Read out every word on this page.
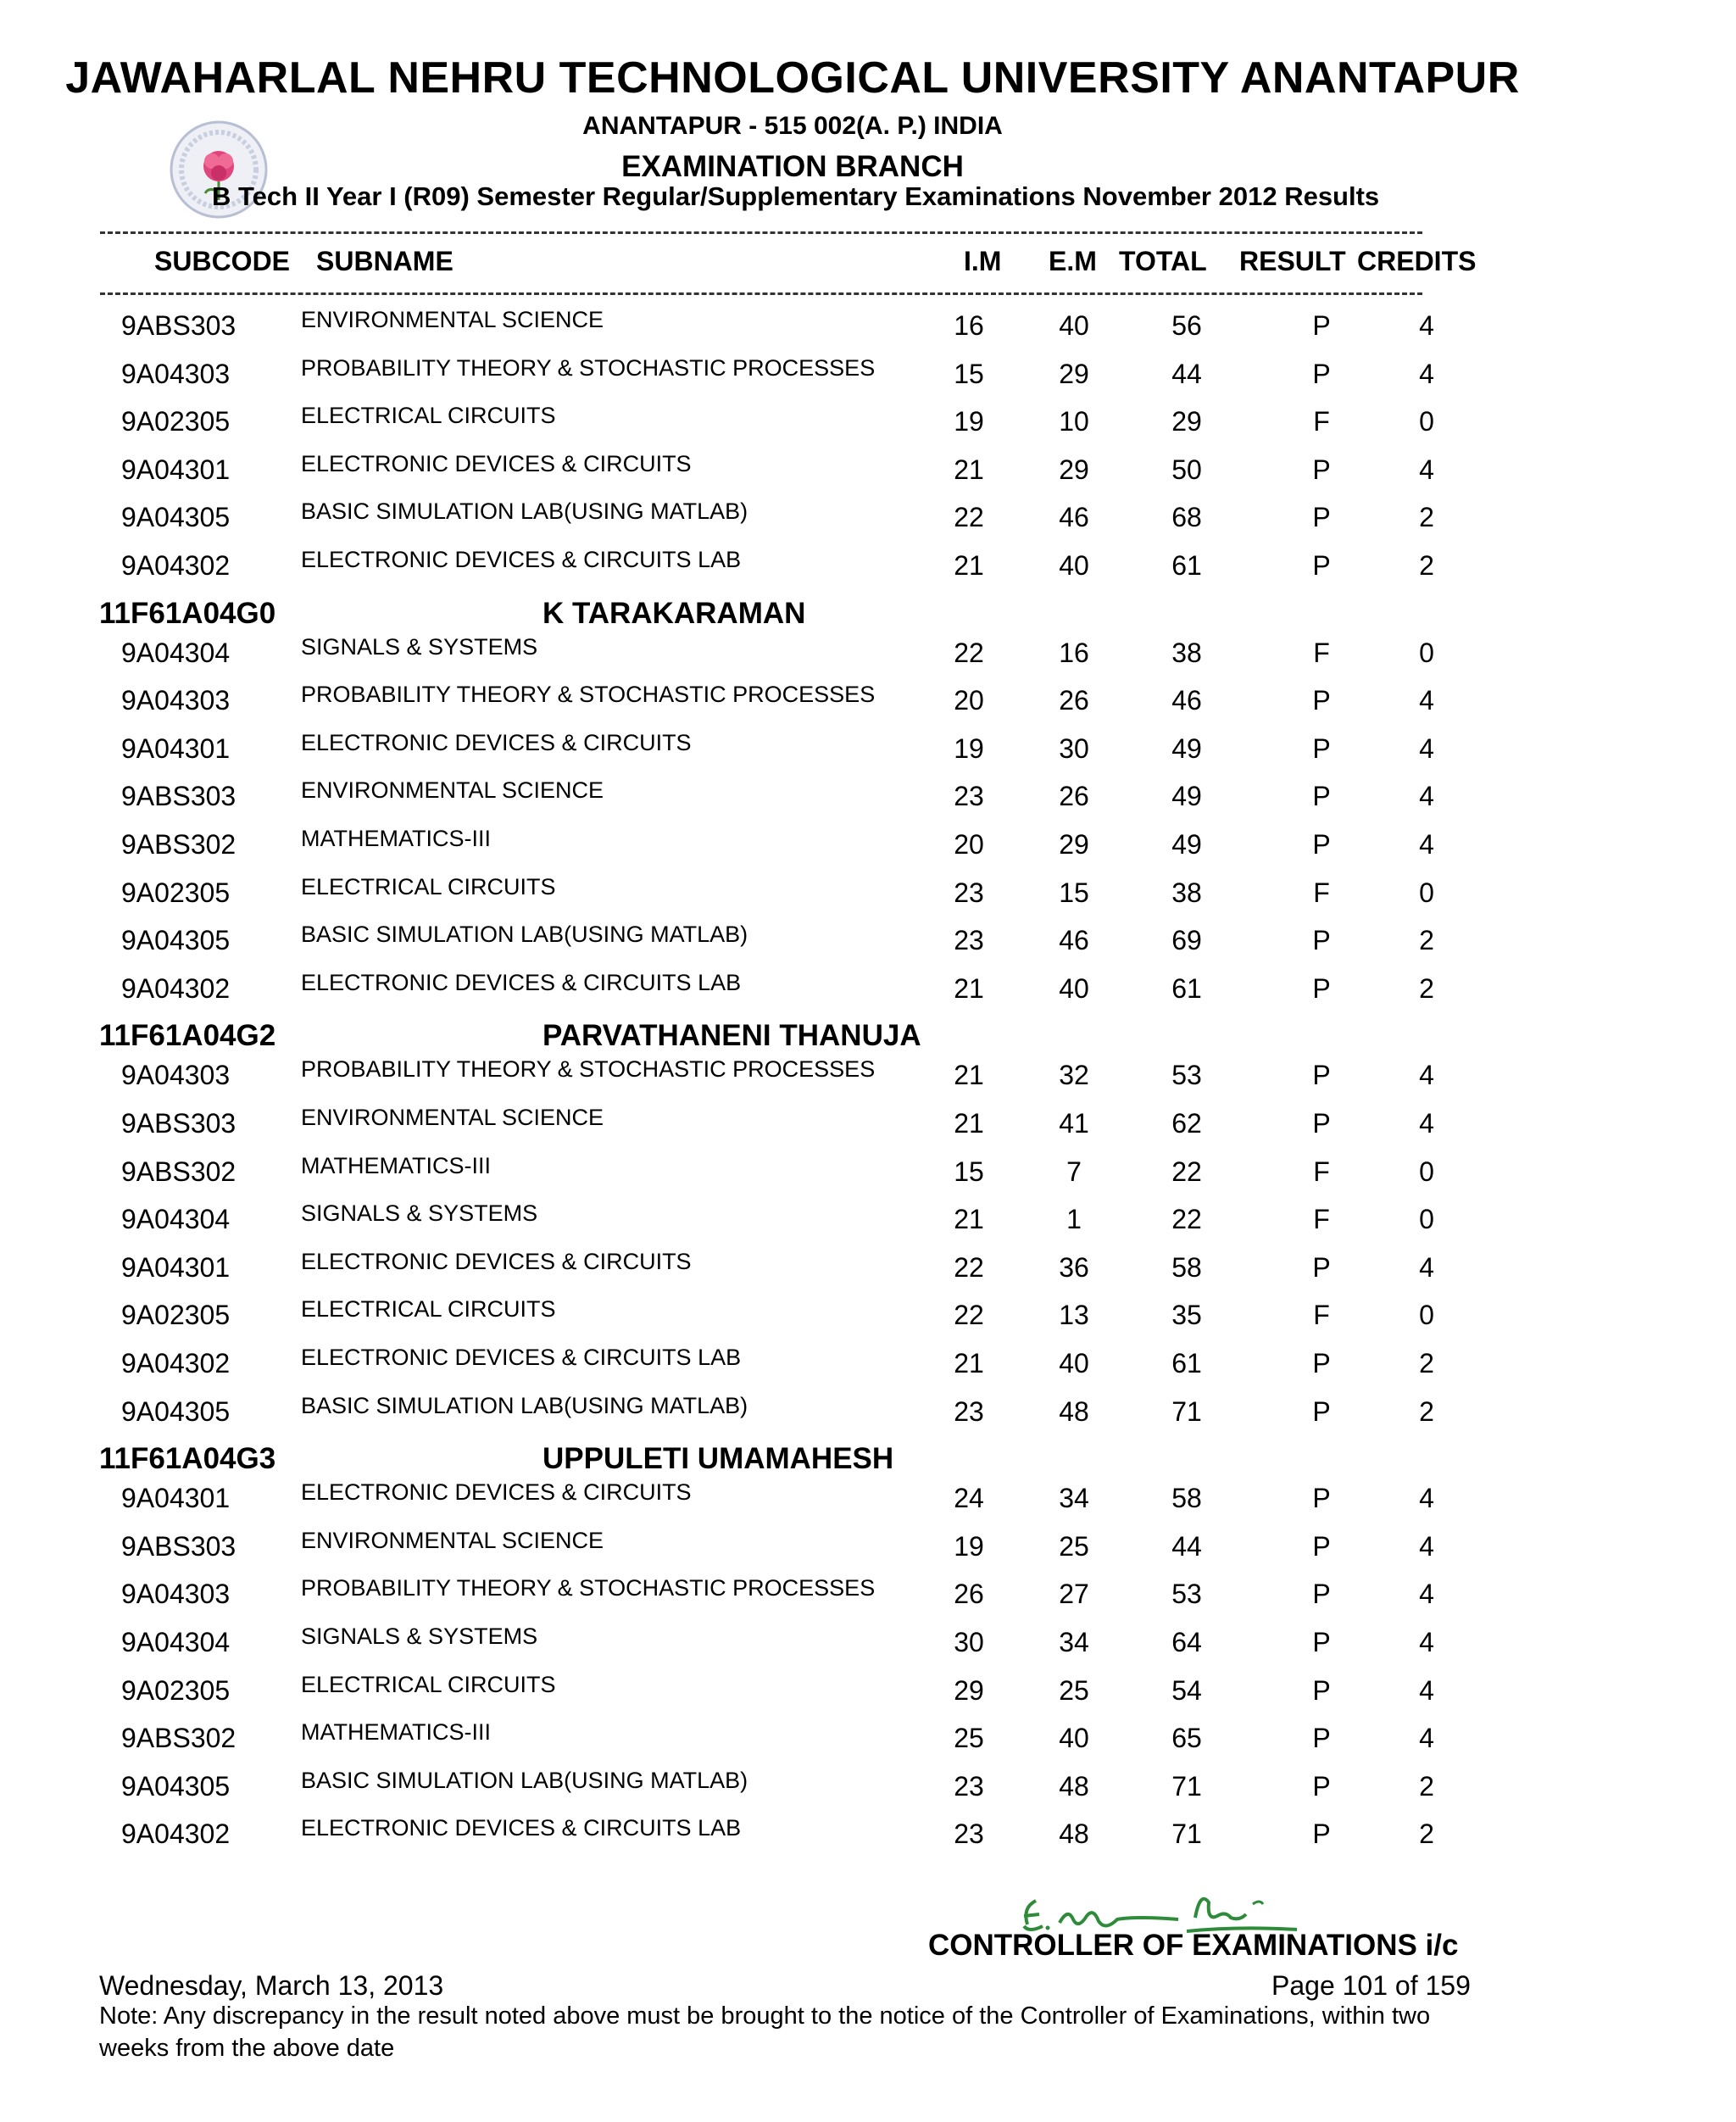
JAWAHARLAL NEHRU TECHNOLOGICAL UNIVERSITY ANANTAPUR
ANANTAPUR - 515 002(A. P.) INDIA
EXAMINATION BRANCH
B Tech II Year I (R09) Semester Regular/Supplementary Examinations November 2012 Results
SUBCODE SUBNAME	I.M E.M TOTAL RESULT CREDITS
9ABS303	ENVIRONMENTAL SCIENCE	16	40	56	P	4
9A04303	PROBABILITY THEORY & STOCHASTIC PROCESSES	15	29	44	P	4
9A02305	ELECTRICAL CIRCUITS	19	10	29	F	0
9A04301	ELECTRONIC DEVICES & CIRCUITS	21	29	50	P	4
9A04305	BASIC SIMULATION LAB(USING MATLAB)	22	46	68	P	2
9A04302	ELECTRONIC DEVICES & CIRCUITS LAB	21	40	61	P	2
11F61A04G0	K TARAKARAMAN
9A04304	SIGNALS & SYSTEMS	22	16	38	F	0
9A04303	PROBABILITY THEORY & STOCHASTIC PROCESSES	20	26	46	P	4
9A04301	ELECTRONIC DEVICES & CIRCUITS	19	30	49	P	4
9ABS303	ENVIRONMENTAL SCIENCE	23	26	49	P	4
9ABS302	MATHEMATICS-III	20	29	49	P	4
9A02305	ELECTRICAL CIRCUITS	23	15	38	F	0
9A04305	BASIC SIMULATION LAB(USING MATLAB)	23	46	69	P	2
9A04302	ELECTRONIC DEVICES & CIRCUITS LAB	21	40	61	P	2
11F61A04G2	PARVATHANENI THANUJA
9A04303	PROBABILITY THEORY & STOCHASTIC PROCESSES	21	32	53	P	4
9ABS303	ENVIRONMENTAL SCIENCE	21	41	62	P	4
9ABS302	MATHEMATICS-III	15	7	22	F	0
9A04304	SIGNALS & SYSTEMS	21	1	22	F	0
9A04301	ELECTRONIC DEVICES & CIRCUITS	22	36	58	P	4
9A02305	ELECTRICAL CIRCUITS	22	13	35	F	0
9A04302	ELECTRONIC DEVICES & CIRCUITS LAB	21	40	61	P	2
9A04305	BASIC SIMULATION LAB(USING MATLAB)	23	48	71	P	2
11F61A04G3	UPPULETI UMAMAHESH
9A04301	ELECTRONIC DEVICES & CIRCUITS	24	34	58	P	4
9ABS303	ENVIRONMENTAL SCIENCE	19	25	44	P	4
9A04303	PROBABILITY THEORY & STOCHASTIC PROCESSES	26	27	53	P	4
9A04304	SIGNALS & SYSTEMS	30	34	64	P	4
9A02305	ELECTRICAL CIRCUITS	29	25	54	P	4
9ABS302	MATHEMATICS-III	25	40	65	P	4
9A04305	BASIC SIMULATION LAB(USING MATLAB)	23	48	71	P	2
9A04302	ELECTRONIC DEVICES & CIRCUITS LAB	23	48	71	P	2
CONTROLLER OF EXAMINATIONS i/c
Wednesday, March 13, 2013	Page 101 of 159
Note: Any discrepancy in the result noted above must be brought to the notice of the Controller of Examinations, within two weeks from the above date
